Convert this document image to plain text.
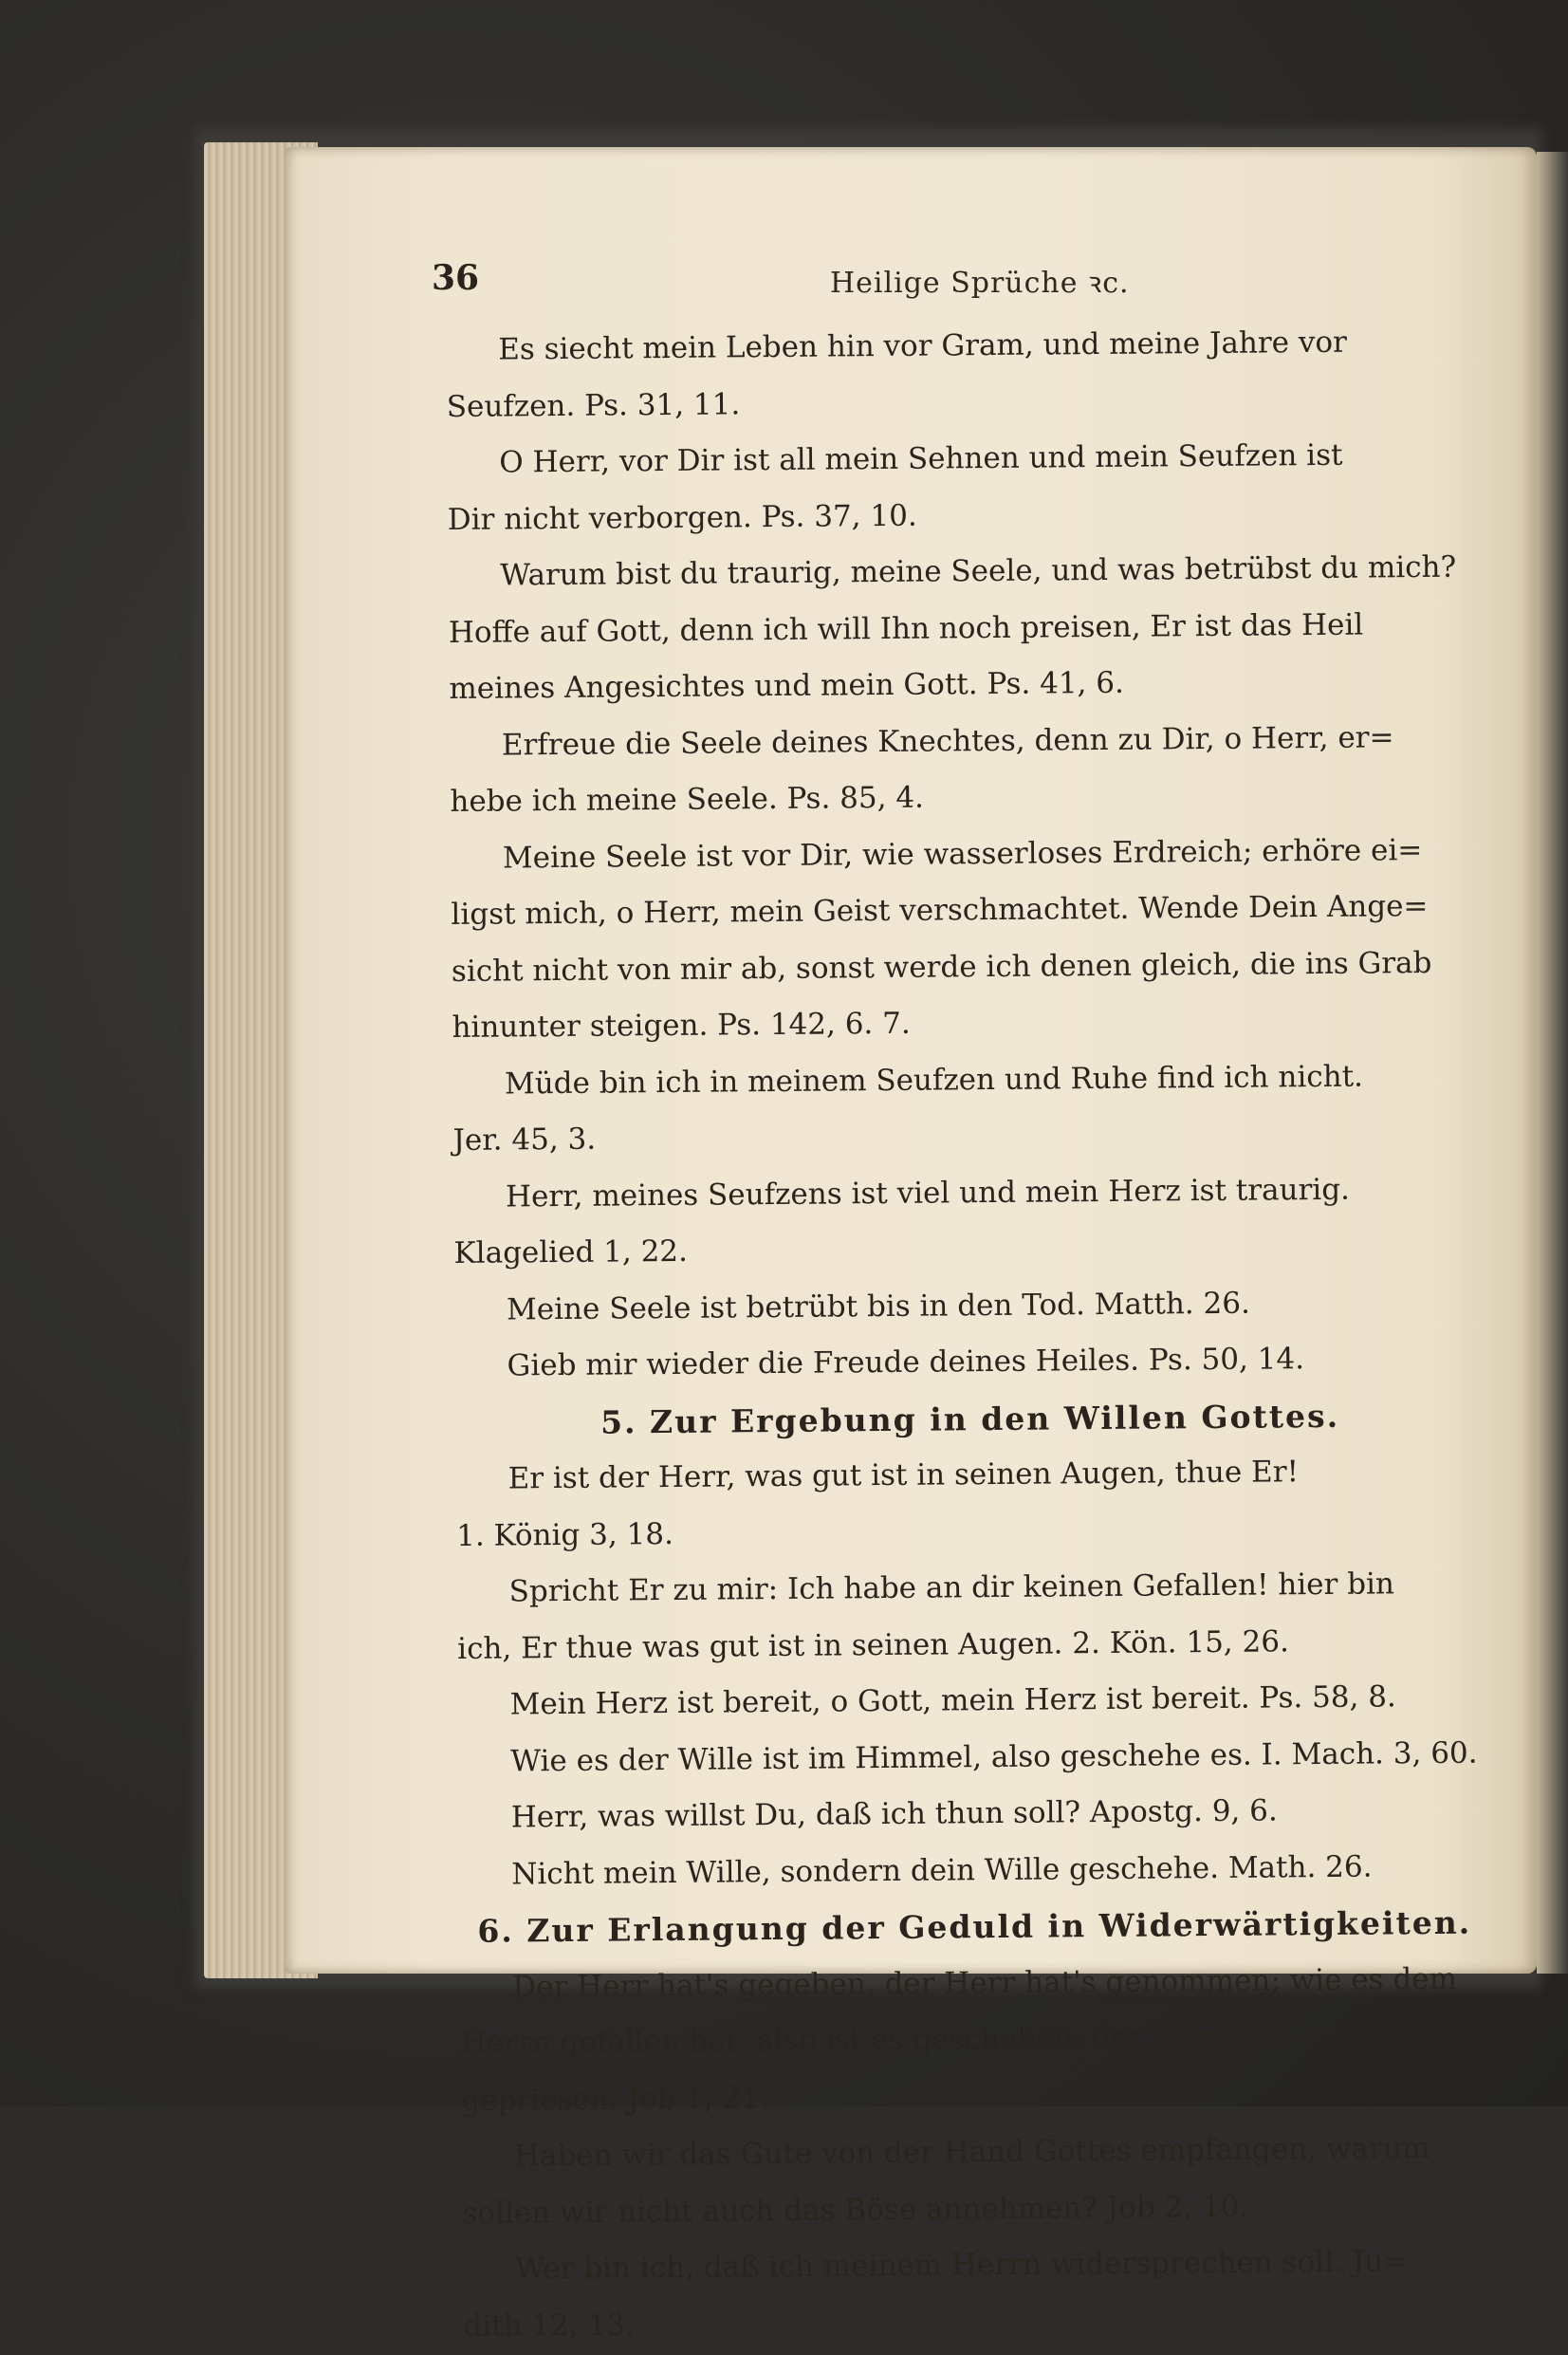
36	Heilige Sprüche ꝛc.
Es siecht mein Leben hin vor Gram, und meine Jahre vor
Seufzen. Ps. 31, 11.
O Herr, vor Dir ist all mein Sehnen und mein Seufzen ist
Dir nicht verborgen. Ps. 37, 10.
Warum bist du traurig, meine Seele, und was betrübst du mich?
Hoffe auf Gott, denn ich will Ihn noch preisen, Er ist das Heil
meines Angesichtes und mein Gott. Ps. 41, 6.
Erfreue die Seele deines Knechtes, denn zu Dir, o Herr, er=
hebe ich meine Seele. Ps. 85, 4.
Meine Seele ist vor Dir, wie wasserloses Erdreich; erhöre ei=
ligst mich, o Herr, mein Geist verschmachtet. Wende Dein Ange=
sicht nicht von mir ab, sonst werde ich denen gleich, die ins Grab
hinunter steigen. Ps. 142, 6. 7.
Müde bin ich in meinem Seufzen und Ruhe find ich nicht.
Jer. 45, 3.
Herr, meines Seufzens ist viel und mein Herz ist traurig.
Klagelied 1, 22.
Meine Seele ist betrübt bis in den Tod. Matth. 26.
Gieb mir wieder die Freude deines Heiles. Ps. 50, 14.
5. Zur Ergebung in den Willen Gottes.
Er ist der Herr, was gut ist in seinen Augen, thue Er!
1. König 3, 18.
Spricht Er zu mir: Ich habe an dir keinen Gefallen! hier bin
ich, Er thue was gut ist in seinen Augen. 2. Kön. 15, 26.
Mein Herz ist bereit, o Gott, mein Herz ist bereit. Ps. 58, 8.
Wie es der Wille ist im Himmel, also geschehe es. I. Mach. 3, 60.
Herr, was willst Du, daß ich thun soll? Apostg. 9, 6.
Nicht mein Wille, sondern dein Wille geschehe. Math. 26.
6. Zur Erlangung der Geduld in Widerwärtigkeiten.
Der Herr hat's gegeben, der Herr hat's genommen; wie es dem
Herrn gefallen hat, also ist es geschehen: der Name des Herrn sey
gepriesen. Job 1, 21.
Haben wir das Gute von der Hand Gottes empfangen, warum
sollen wir nicht auch das Böse annehmen? Job 2, 10.
Wer bin ich, daß ich meinem Herrn widersprechen soll. Ju=
dith 12, 13.
